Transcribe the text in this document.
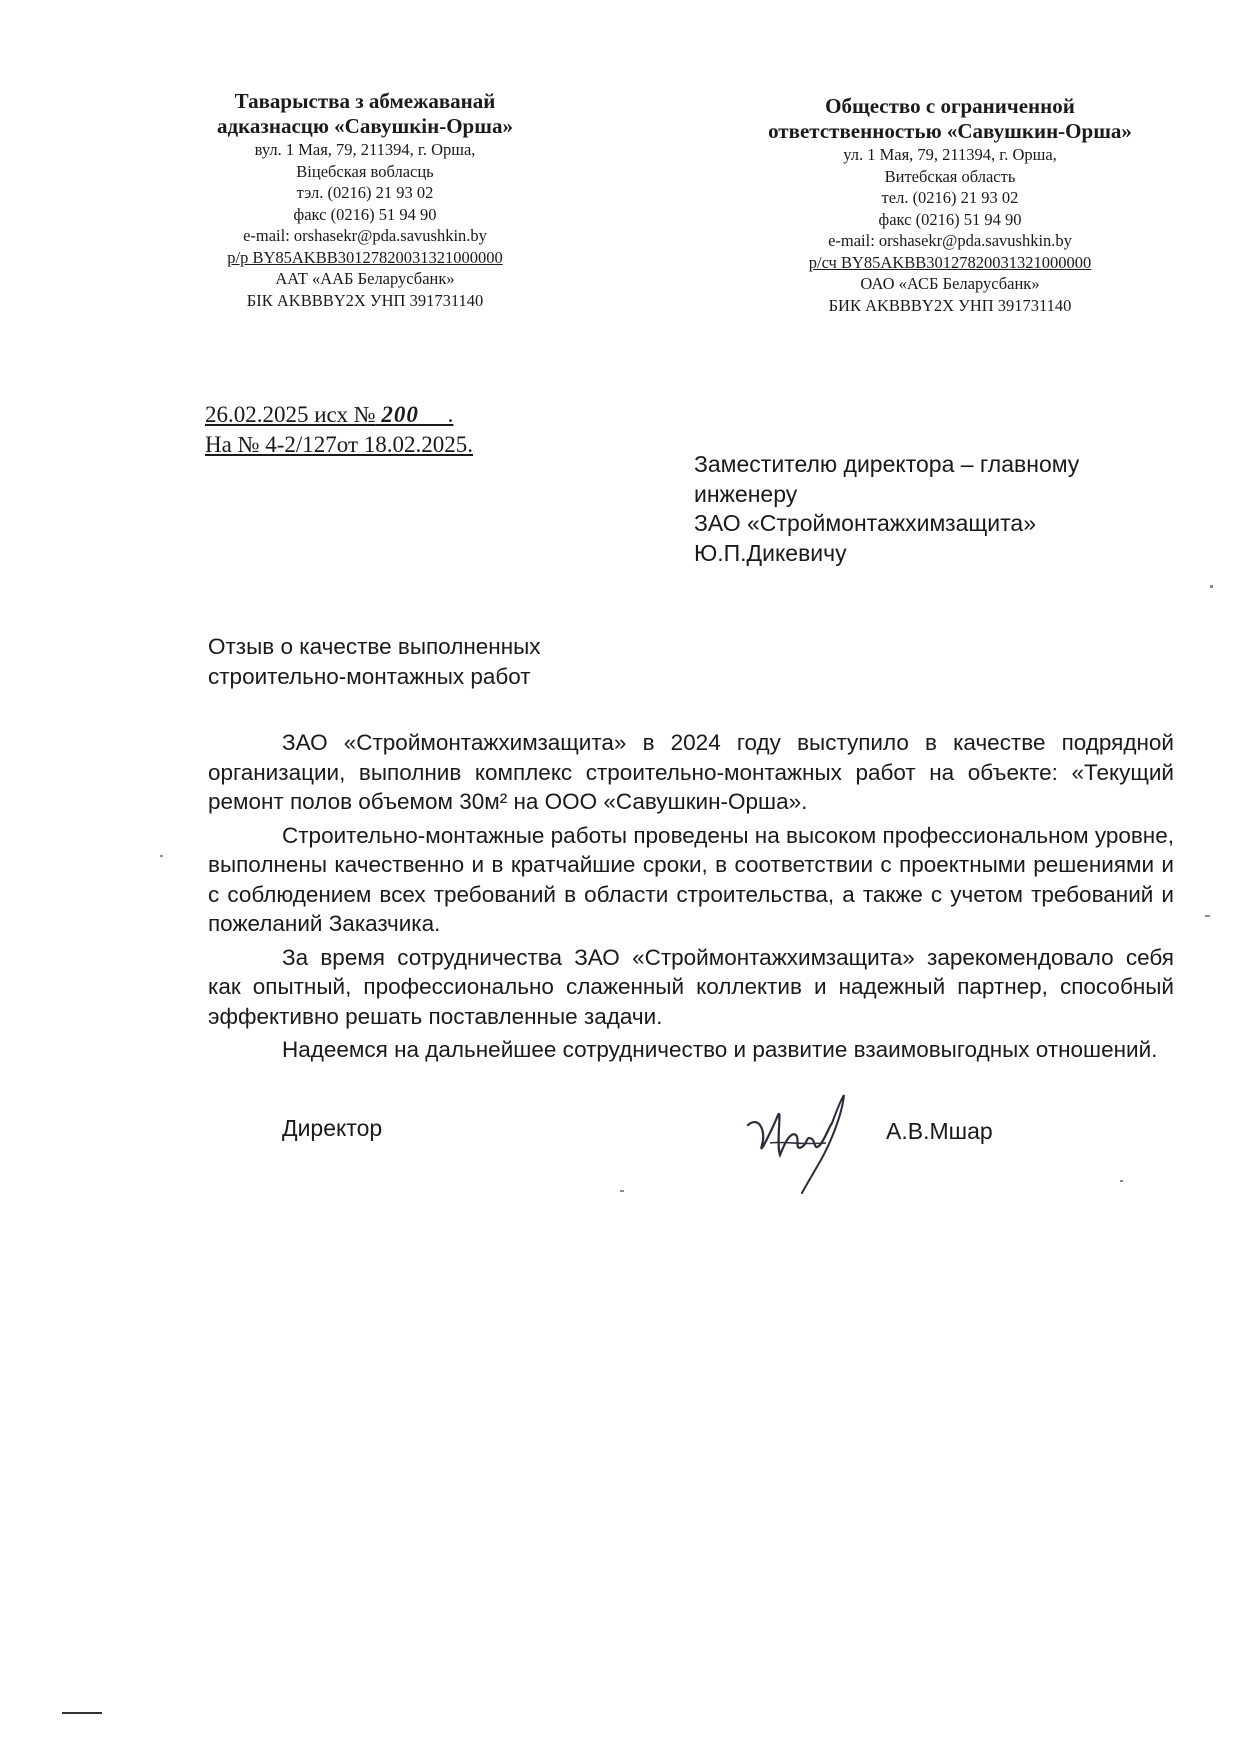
Таварыства з абмежаванай
адказнасцю «Савушкін-Орша»
вул. 1 Мая, 79, 211394, г. Орша,
Віцебская вобласць
тэл. (0216) 21 93 02
факс (0216) 51 94 90
e-mail: orshasekr@pda.savushkin.by
р/р BY85AKBB30127820031321000000
ААТ «ААБ Беларусбанк»
БІК AKBBBY2X УНП 391731140
Общество с ограниченной
ответственностью «Савушкин-Орша»
ул. 1 Мая, 79, 211394, г. Орша,
Витебская область
тел. (0216) 21 93 02
факс (0216) 51 94 90
e-mail: orshasekr@pda.savushkin.by
р/сч BY85AKBB30127820031321000000
ОАО «АСБ Беларусбанк»
БИК AKBBBY2X УНП 391731140
26.02.2025 исх № 200     .
На № 4-2/127от 18.02.2025.
Заместителю директора – главному
инженеру
ЗАО «Строймонтажхимзащита»
Ю.П.Дикевичу
Отзыв о качестве выполненных
строительно-монтажных работ

ЗАО «Строймонтажхимзащита» в 2024 году выступило в качестве подрядной организации, выполнив комплекс строительно-монтажных работ на объекте: «Текущий ремонт полов объемом 30м² на ООО «Савушкин-Орша».

Строительно-монтажные работы проведены на высоком профессиональном уровне, выполнены качественно и в кратчайшие сроки, в соответствии с проектными решениями и с соблюдением всех требований в области строительства, а также с учетом требований и пожеланий Заказчика.

За время сотрудничества ЗАО «Строймонтажхимзащита» зарекомендовало себя как опытный, профессионально слаженный коллектив и надежный партнер, способный эффективно решать поставленные задачи.

Надеемся на дальнейшее сотрудничество и развитие взаимовыгодных отношений.

Директор	А.В.Мшар
